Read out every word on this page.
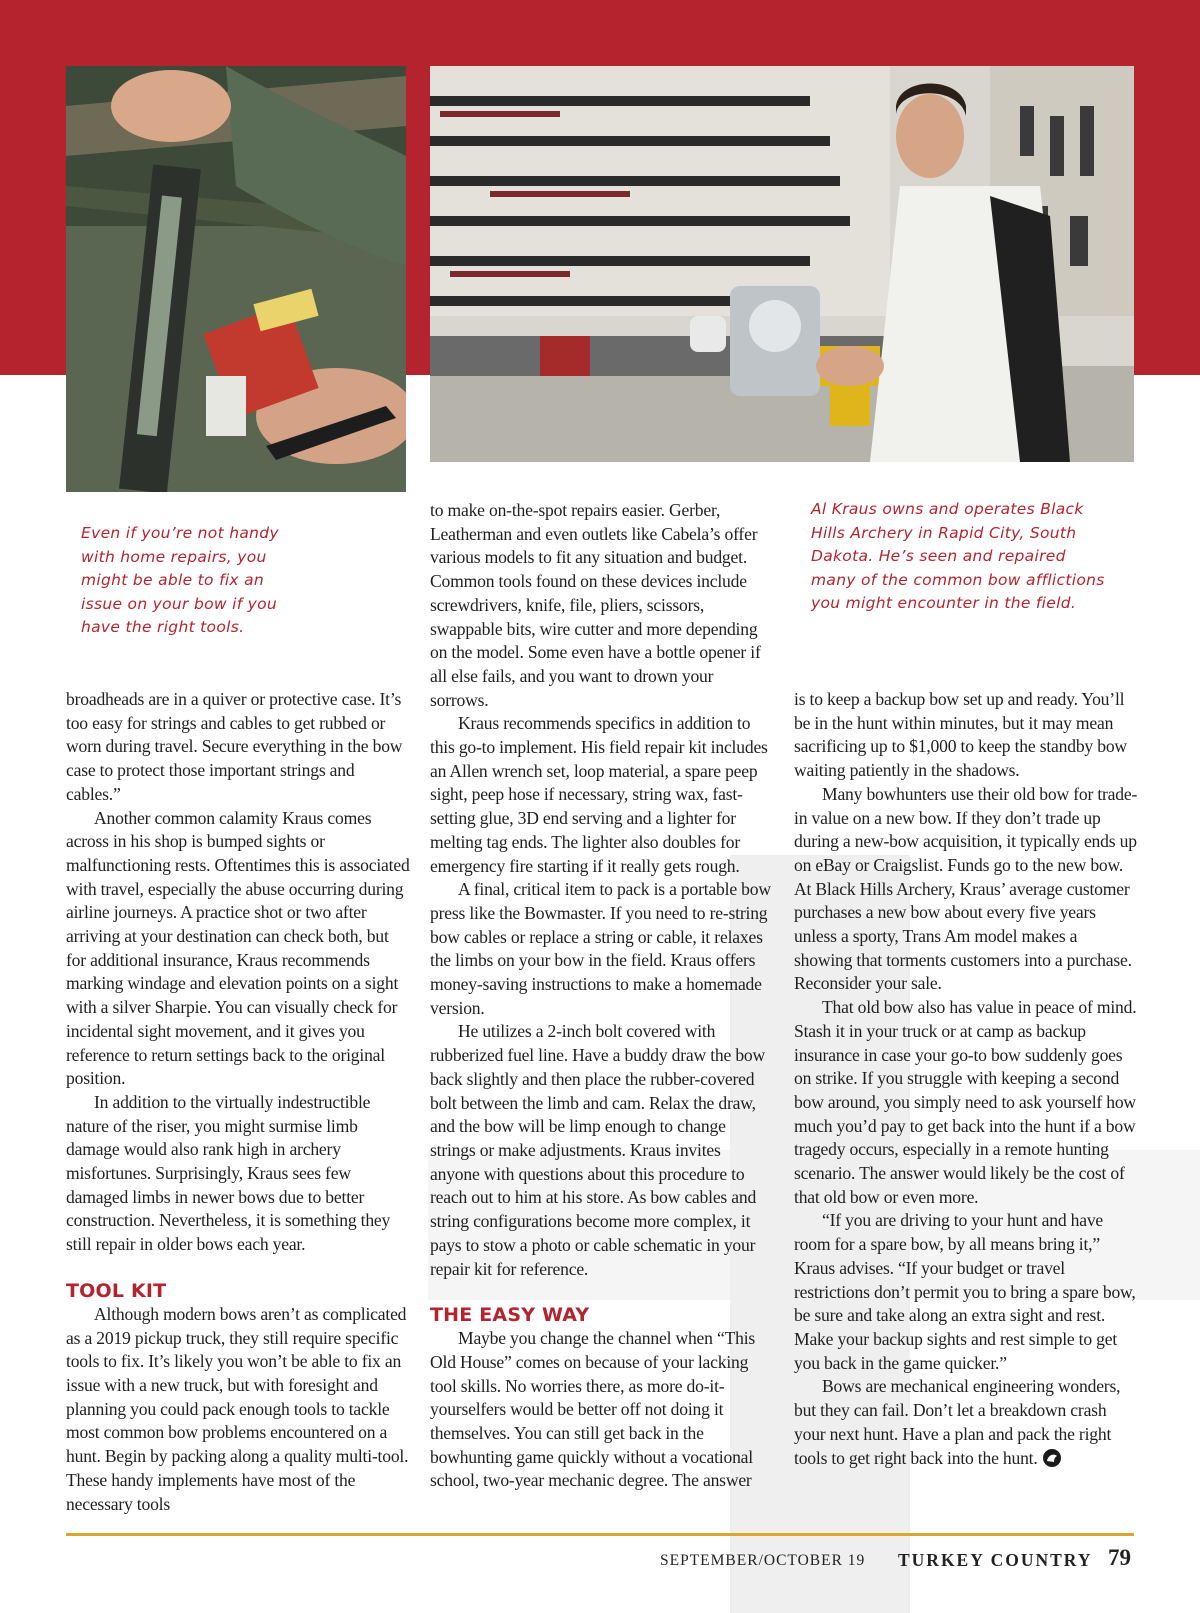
Even if you’re not handy with home repairs, you might be able to fix an issue on your bow if you have the right tools.

Al Kraus owns and operates Black Hills Archery in Rapid City, South Dakota. He’s seen and repaired many of the common bow afflictions you might encounter in the field.

broadheads are in a quiver or protective case. It’s too easy for strings and cables to get rubbed or worn during travel. Secure everything in the bow case to protect those important strings and cables.”

Another common calamity Kraus comes across in his shop is bumped sights or malfunctioning rests. Oftentimes this is associated with travel, especially the abuse occurring during airline journeys. A practice shot or two after arriving at your destination can check both, but for additional insurance, Kraus recommends marking windage and elevation points on a sight with a silver Sharpie. You can visually check for incidental sight movement, and it gives you reference to return settings back to the original position.

In addition to the virtually indestructible nature of the riser, you might surmise limb damage would also rank high in archery misfortunes. Surprisingly, Kraus sees few damaged limbs in newer bows due to better construction. Nevertheless, it is something they still repair in older bows each year.

TOOL KIT

Although modern bows aren’t as complicated as a 2019 pickup truck, they still require specific tools to fix. It’s likely you won’t be able to fix an issue with a new truck, but with foresight and planning you could pack enough tools to tackle most common bow problems encountered on a hunt. Begin by packing along a quality multi-tool. These handy implements have most of the necessary tools

to make on-the-spot repairs easier. Gerber, Leatherman and even outlets like Cabela’s offer various models to fit any situation and budget. Common tools found on these devices include screwdrivers, knife, file, pliers, scissors, swappable bits, wire cutter and more depending on the model. Some even have a bottle opener if all else fails, and you want to drown your sorrows.

Kraus recommends specifics in addition to this go-to implement. His field repair kit includes an Allen wrench set, loop material, a spare peep sight, peep hose if necessary, string wax, fast-setting glue, 3D end serving and a lighter for melting tag ends. The lighter also doubles for emergency fire starting if it really gets rough.

A final, critical item to pack is a portable bow press like the Bowmaster. If you need to re-string bow cables or replace a string or cable, it relaxes the limbs on your bow in the field. Kraus offers money-saving instructions to make a homemade version.

He utilizes a 2-inch bolt covered with rubberized fuel line. Have a buddy draw the bow back slightly and then place the rubber-covered bolt between the limb and cam. Relax the draw, and the bow will be limp enough to change strings or make adjustments. Kraus invites anyone with questions about this procedure to reach out to him at his store. As bow cables and string configurations become more complex, it pays to stow a photo or cable schematic in your repair kit for reference.

THE EASY WAY

Maybe you change the channel when “This Old House” comes on because of your lacking tool skills. No worries there, as more do-it-yourselfers would be better off not doing it themselves. You can still get back in the bowhunting game quickly without a vocational school, two-year mechanic degree. The answer

is to keep a backup bow set up and ready. You’ll be in the hunt within minutes, but it may mean sacrificing up to $1,000 to keep the standby bow waiting patiently in the shadows.

Many bowhunters use their old bow for trade-in value on a new bow. If they don’t trade up during a new-bow acquisition, it typically ends up on eBay or Craigslist. Funds go to the new bow. At Black Hills Archery, Kraus’ average customer purchases a new bow about every five years unless a sporty, Trans Am model makes a showing that torments customers into a purchase. Reconsider your sale.

That old bow also has value in peace of mind. Stash it in your truck or at camp as backup insurance in case your go-to bow suddenly goes on strike. If you struggle with keeping a second bow around, you simply need to ask yourself how much you’d pay to get back into the hunt if a bow tragedy occurs, especially in a remote hunting scenario. The answer would likely be the cost of that old bow or even more.

“If you are driving to your hunt and have room for a spare bow, by all means bring it,” Kraus advises. “If your budget or travel restrictions don’t permit you to bring a spare bow, be sure and take along an extra sight and rest. Make your backup sights and rest simple to get you back in the game quicker.”

Bows are mechanical engineering wonders, but they can fail. Don’t let a breakdown crash your next hunt. Have a plan and pack the right tools to get right back into the hunt.

SEPTEMBER/OCTOBER 19 TURKEY COUNTRY 79
